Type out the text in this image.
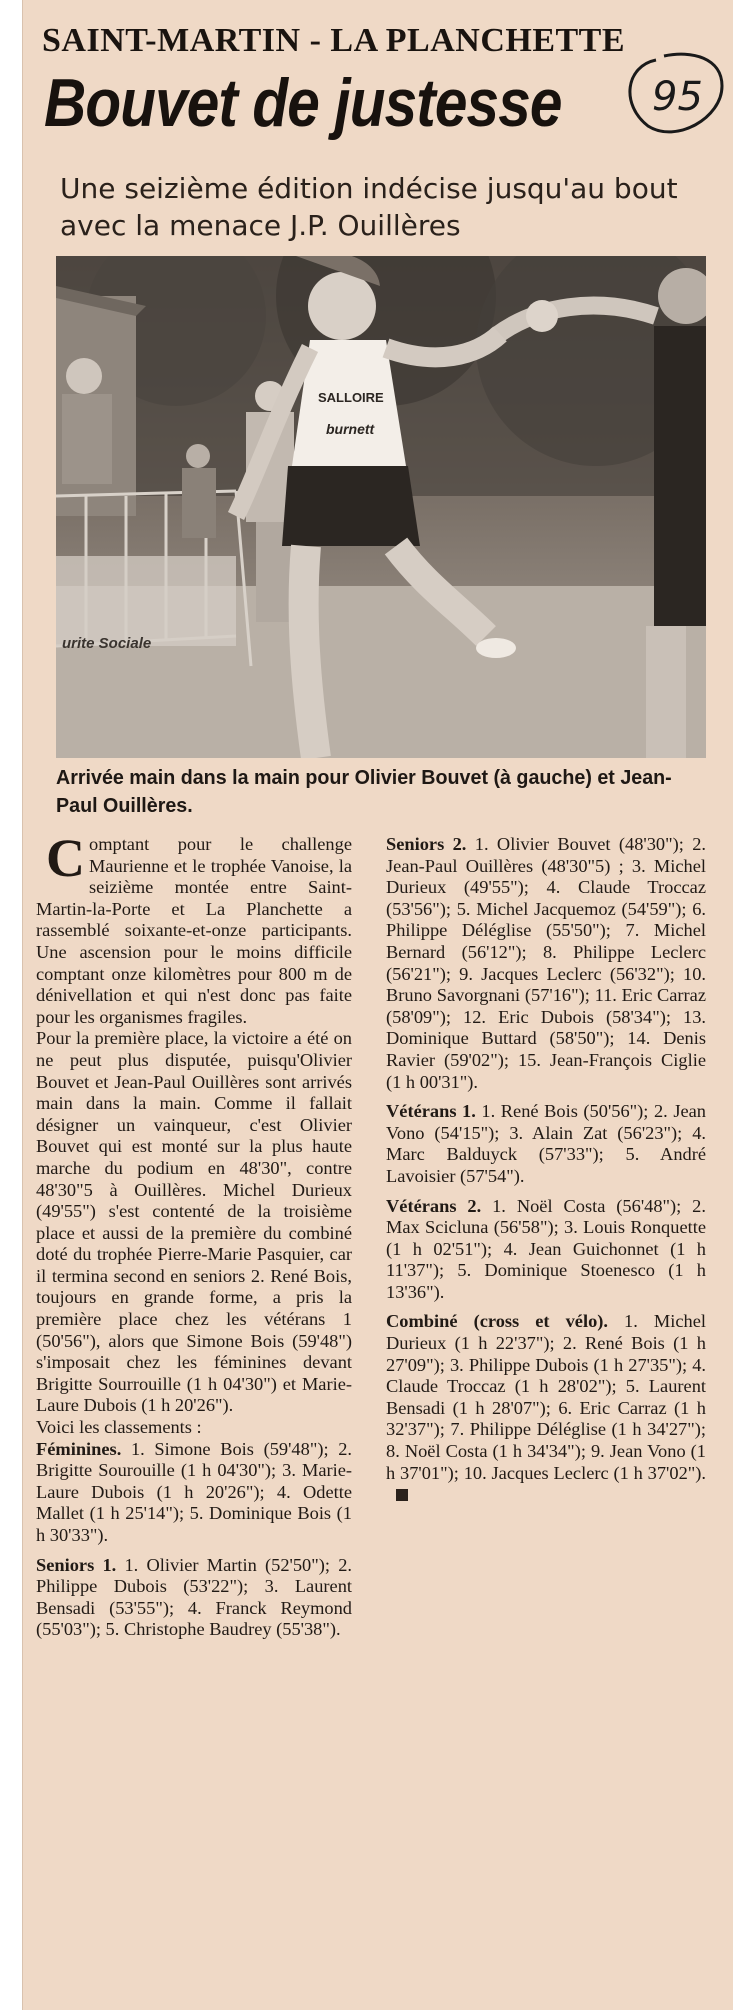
SAINT-MARTIN - LA PLANCHETTE
Bouvet de justesse 95
Une seizième édition indécise jusqu'au bout avec la menace J.P. Ouillères
urite Sociale
SALLOIRE
burnett
Arrivée main dans la main pour Olivier Bouvet (à gauche) et Jean-Paul Ouillères.

C omptant pour le challenge Maurienne et le trophée Vanoise, la seizième montée entre Saint-Martin-la-Porte et La Planchette a rassemblé soixante-et-onze participants. Une ascension pour le moins difficile comptant onze kilomètres pour 800 m de dénivellation et qui n'est donc pas faite pour les organismes fragiles.

Pour la première place, la victoire a été on ne peut plus disputée, puisqu'Olivier Bouvet et Jean-Paul Ouillères sont arrivés main dans la main. Comme il fallait désigner un vainqueur, c'est Olivier Bouvet qui est monté sur la plus haute marche du podium en 48'30", contre 48'30"5 à Ouillères. Michel Durieux (49'55") s'est contenté de la troisième place et aussi de la première du combiné doté du trophée Pierre-Marie Pasquier, car il termina second en seniors 2. René Bois, toujours en grande forme, a pris la première place chez les vétérans 1 (50'56"), alors que Simone Bois (59'48") s'imposait chez les féminines devant Brigitte Sourrouille (1 h 04'30") et Marie-Laure Dubois (1 h 20'26").

Voici les classements :

Féminines. 1. Simone Bois (59'48"); 2. Brigitte Sourouille (1 h 04'30"); 3. Marie-Laure Dubois (1 h 20'26"); 4. Odette Mallet (1 h 25'14"); 5. Dominique Bois (1 h 30'33").

Seniors 1. 1. Olivier Martin (52'50"); 2. Philippe Dubois (53'22"); 3. Laurent Bensadi (53'55"); 4. Franck Reymond (55'03"); 5. Christophe Baudrey (55'38").

Seniors 2. 1. Olivier Bouvet (48'30"); 2. Jean-Paul Ouillères (48'30"5) ; 3. Michel Durieux (49'55"); 4. Claude Troccaz (53'56"); 5. Michel Jacquemoz (54'59"); 6. Philippe Déléglise (55'50"); 7. Michel Bernard (56'12"); 8. Philippe Leclerc (56'21"); 9. Jacques Leclerc (56'32"); 10. Bruno Savorgnani (57'16"); 11. Eric Carraz (58'09"); 12. Eric Dubois (58'34"); 13. Dominique Buttard (58'50"); 14. Denis Ravier (59'02"); 15. Jean-François Ciglie (1 h 00'31").

Vétérans 1. 1. René Bois (50'56"); 2. Jean Vono (54'15"); 3. Alain Zat (56'23"); 4. Marc Balduyck (57'33"); 5. André Lavoisier (57'54").

Vétérans 2. 1. Noël Costa (56'48"); 2. Max Scicluna (56'58"); 3. Louis Ronquette (1 h 02'51"); 4. Jean Guichonnet (1 h 11'37"); 5. Dominique Stoenesco (1 h 13'36").

Combiné (cross et vélo). 1. Michel Durieux (1 h 22'37"); 2. René Bois (1 h 27'09"); 3. Philippe Dubois (1 h 27'35"); 4. Claude Troccaz (1 h 28'02"); 5. Laurent Bensadi (1 h 28'07"); 6. Eric Carraz (1 h 32'37"); 7. Philippe Déléglise (1 h 34'27"); 8. Noël Costa (1 h 34'34"); 9. Jean Vono (1 h 37'01"); 10. Jacques Leclerc (1 h 37'02").
